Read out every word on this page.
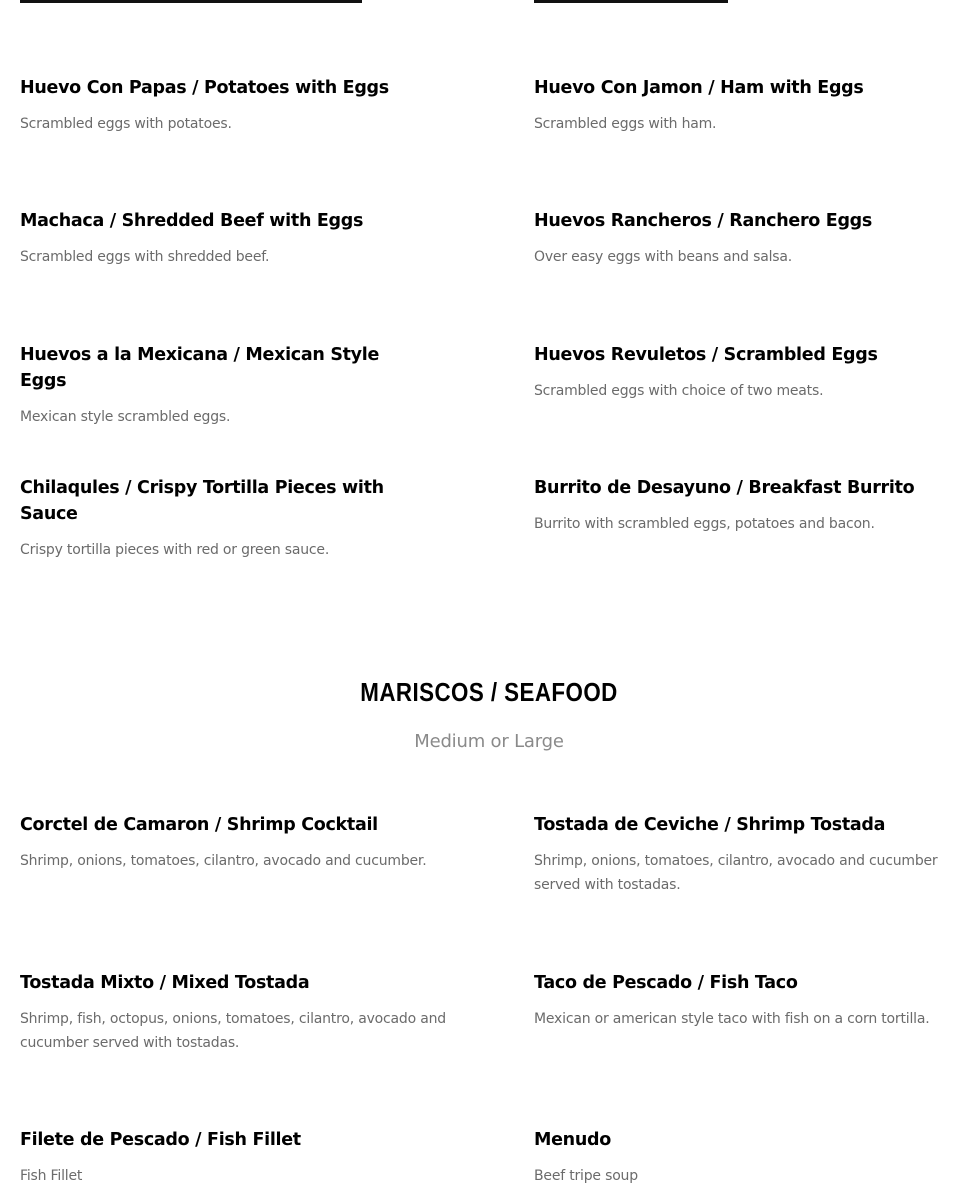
Huevo Con Papas / Potatoes with Eggs

Scrambled eggs with potatoes.

Huevo Con Jamon / Ham with Eggs

Scrambled eggs with ham.

Machaca / Shredded Beef with Eggs

Scrambled eggs with shredded beef.

Huevos Rancheros / Ranchero Eggs

Over easy eggs with beans and salsa.

Huevos a la Mexicana / Mexican Style Eggs

Mexican style scrambled eggs.

Huevos Revuletos / Scrambled Eggs

Scrambled eggs with choice of two meats.

Chilaqules / Crispy Tortilla Pieces with Sauce

Crispy tortilla pieces with red or green sauce.

Burrito de Desayuno / Breakfast Burrito

Burrito with scrambled eggs, potatoes and bacon.

MARISCOS / SEAFOOD
Medium or Large

Corctel de Camaron / Shrimp Cocktail

Shrimp, onions, tomatoes, cilantro, avocado and cucumber.

Tostada de Ceviche / Shrimp Tostada

Shrimp, onions, tomatoes, cilantro, avocado and cucumber served with tostadas.

Tostada Mixto / Mixed Tostada

Shrimp, fish, octopus, onions, tomatoes, cilantro, avocado and cucumber served with tostadas.

Taco de Pescado / Fish Taco

Mexican or american style taco with fish on a corn tortilla.

Filete de Pescado / Fish Fillet

Fish Fillet

Menudo

Beef tripe soup
